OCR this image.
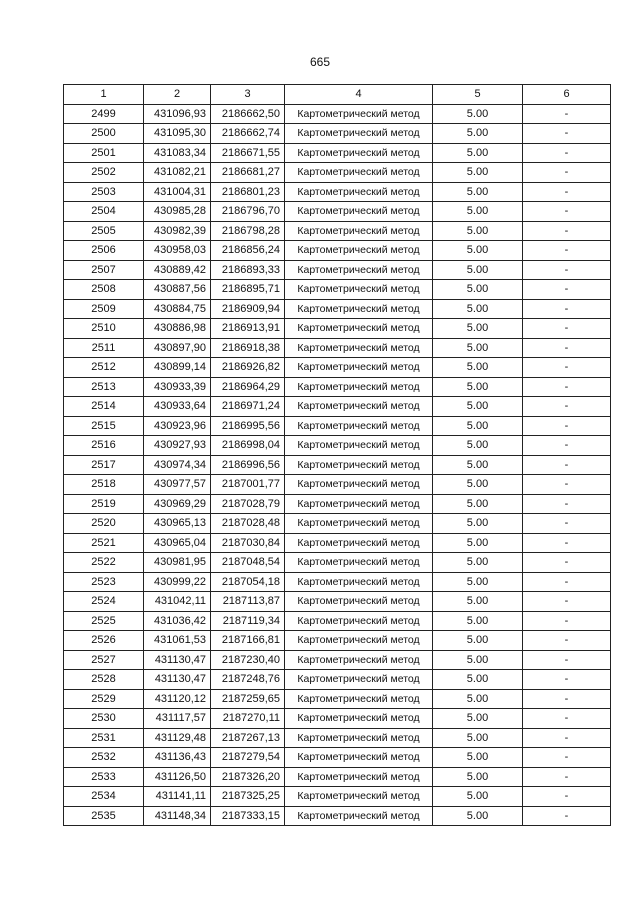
665
1	2	3	4	5	6
2499	431096,93	2186662,50	Картометрический метод	5.00	-
2500	431095,30	2186662,74	Картометрический метод	5.00	-
2501	431083,34	2186671,55	Картометрический метод	5.00	-
2502	431082,21	2186681,27	Картометрический метод	5.00	-
2503	431004,31	2186801,23	Картометрический метод	5.00	-
2504	430985,28	2186796,70	Картометрический метод	5.00	-
2505	430982,39	2186798,28	Картометрический метод	5.00	-
2506	430958,03	2186856,24	Картометрический метод	5.00	-
2507	430889,42	2186893,33	Картометрический метод	5.00	-
2508	430887,56	2186895,71	Картометрический метод	5.00	-
2509	430884,75	2186909,94	Картометрический метод	5.00	-
2510	430886,98	2186913,91	Картометрический метод	5.00	-
2511	430897,90	2186918,38	Картометрический метод	5.00	-
2512	430899,14	2186926,82	Картометрический метод	5.00	-
2513	430933,39	2186964,29	Картометрический метод	5.00	-
2514	430933,64	2186971,24	Картометрический метод	5.00	-
2515	430923,96	2186995,56	Картометрический метод	5.00	-
2516	430927,93	2186998,04	Картометрический метод	5.00	-
2517	430974,34	2186996,56	Картометрический метод	5.00	-
2518	430977,57	2187001,77	Картометрический метод	5.00	-
2519	430969,29	2187028,79	Картометрический метод	5.00	-
2520	430965,13	2187028,48	Картометрический метод	5.00	-
2521	430965,04	2187030,84	Картометрический метод	5.00	-
2522	430981,95	2187048,54	Картометрический метод	5.00	-
2523	430999,22	2187054,18	Картометрический метод	5.00	-
2524	431042,11	2187113,87	Картометрический метод	5.00	-
2525	431036,42	2187119,34	Картометрический метод	5.00	-
2526	431061,53	2187166,81	Картометрический метод	5.00	-
2527	431130,47	2187230,40	Картометрический метод	5.00	-
2528	431130,47	2187248,76	Картометрический метод	5.00	-
2529	431120,12	2187259,65	Картометрический метод	5.00	-
2530	431117,57	2187270,11	Картометрический метод	5.00	-
2531	431129,48	2187267,13	Картометрический метод	5.00	-
2532	431136,43	2187279,54	Картометрический метод	5.00	-
2533	431126,50	2187326,20	Картометрический метод	5.00	-
2534	431141,11	2187325,25	Картометрический метод	5.00	-
2535	431148,34	2187333,15	Картометрический метод	5.00	-
